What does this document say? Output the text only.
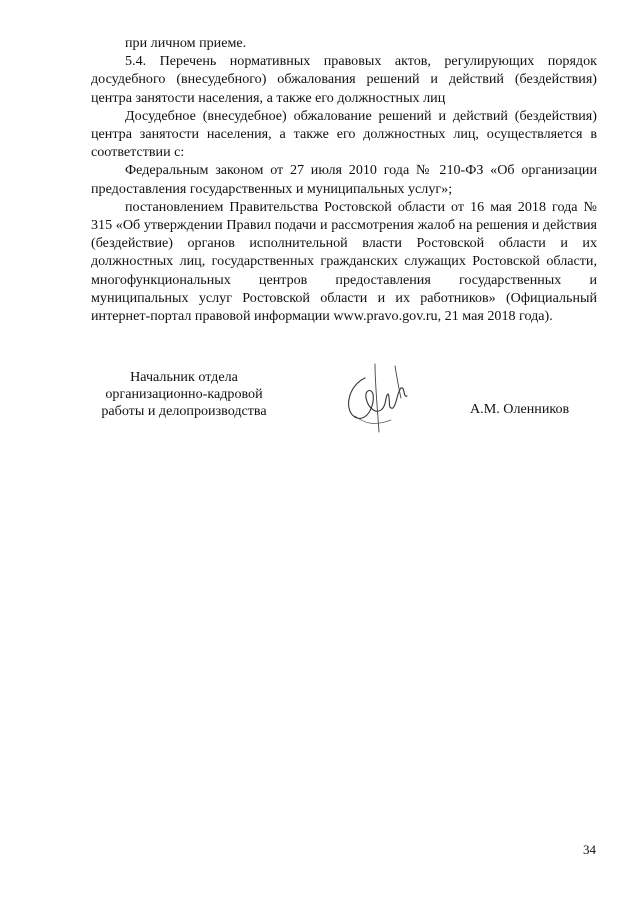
при личном приеме.

5.4. Перечень нормативных правовых актов, регулирующих порядок досудебного (внесудебного) обжалования решений и действий (бездействия) центра занятости населения, а также его должностных лиц

Досудебное (внесудебное) обжалование решений и действий (бездействия) центра занятости населения, а также его должностных лиц, осуществляется в соответствии с:

Федеральным законом от 27 июля 2010 года № 210-ФЗ «Об организации предоставления государственных и муниципальных услуг»;

постановлением Правительства Ростовской области от 16 мая 2018 года № 315 «Об утверждении Правил подачи и рассмотрения жалоб на решения и действия (бездействие) органов исполнительной власти Ростовской области и их должностных лиц, государственных гражданских служащих Ростовской области, многофункциональных центров предоставления государственных и муниципальных услуг Ростовской области и их работников» (Официальный интернет-портал правовой информации www.pravo.gov.ru, 21 мая 2018 года).

Начальник отдела
организационно-кадровой
работы и делопроизводства	А.М. Оленников
34
